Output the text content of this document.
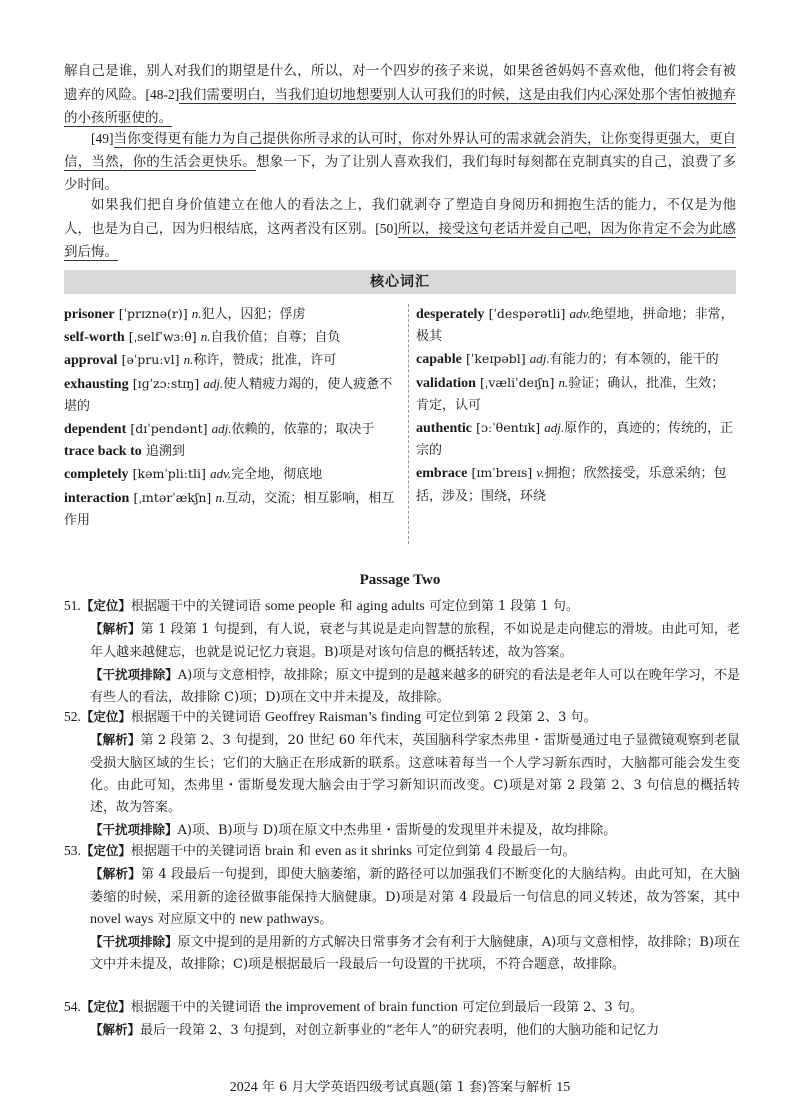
解自己是谁，别人对我们的期望是什么，所以，对一个四岁的孩子来说，如果爸爸妈妈不喜欢他，他们将会有被遗弃的风险。[48-2]我们需要明白，当我们迫切地想要别人认可我们的时候，这是由我们内心深处那个害怕被抛弃的小孩所驱使的。

[49]当你变得更有能力为自己提供你所寻求的认可时，你对外界认可的需求就会消失，让你变得更强大，更自信，当然，你的生活会更快乐。想象一下，为了让别人喜欢我们，我们每时每刻都在克制真实的自己，浪费了多少时间。

如果我们把自身价值建立在他人的看法之上，我们就剥夺了塑造自身阅历和拥抱生活的能力，不仅是为他人，也是为自己，因为归根结底，这两者没有区别。[50]所以，接受这句老话并爱自己吧，因为你肯定不会为此感到后悔。

核心词汇

prisoner [ˈprɪznə(r)] n.犯人，囚犯；俘虏

self-worth [ˌselfˈwɜːθ] n.自我价值；自尊；自负

approval [əˈpruːvl] n.称许，赞成；批准，许可

exhausting [ɪɡˈzɔːstɪŋ] adj.使人精疲力竭的，使人疲惫不堪的

dependent [dɪˈpendənt] adj.依赖的，依靠的；取决于

trace back to 追溯到

completely [kəmˈpliːtli] adv.完全地，彻底地

interaction [ˌɪntərˈækʃn] n.互动，交流；相互影响，相互作用

desperately [ˈdespərətli] adv.绝望地，拼命地；非常，极其

capable [ˈkeɪpəbl] adj.有能力的；有本领的，能干的

validation [ˌvæliˈdeɪʃn] n.验证；确认，批准，生效；肯定，认可

authentic [ɔːˈθentɪk] adj.原作的，真迹的；传统的，正宗的

embrace [ɪmˈbreɪs] v.拥抱；欣然接受，乐意采纳；包括，涉及；围绕，环绕

Passage Two

51.【定位】根据题干中的关键词语 some people 和 aging adults 可定位到第 1 段第 1 句。

【解析】第 1 段第 1 句提到，有人说，衰老与其说是走向智慧的旅程，不如说是走向健忘的滑坡。由此可知，老年人越来越健忘，也就是说记忆力衰退。B)项是对该句信息的概括转述，故为答案。

【干扰项排除】A)项与文意相悖，故排除；原文中提到的是越来越多的研究的看法是老年人可以在晚年学习，不是有些人的看法，故排除 C)项；D)项在文中并未提及，故排除。

52.【定位】根据题干中的关键词语 Geoffrey Raisman’s finding 可定位到第 2 段第 2、3 句。

【解析】第 2 段第 2、3 句提到，20 世纪 60 年代末，英国脑科学家杰弗里・雷斯曼通过电子显微镜观察到老鼠受损大脑区域的生长；它们的大脑正在形成新的联系。这意味着每当一个人学习新东西时，大脑都可能会发生变化。由此可知，杰弗里・雷斯曼发现大脑会由于学习新知识而改变。C)项是对第 2 段第 2、3 句信息的概括转述，故为答案。

【干扰项排除】A)项、B)项与 D)项在原文中杰弗里・雷斯曼的发现里并未提及，故均排除。

53.【定位】根据题干中的关键词语 brain 和 even as it shrinks 可定位到第 4 段最后一句。

【解析】第 4 段最后一句提到，即使大脑萎缩，新的路径可以加强我们不断变化的大脑结构。由此可知，在大脑萎缩的时候，采用新的途径做事能保持大脑健康。D)项是对第 4 段最后一句信息的同义转述，故为答案，其中 novel ways 对应原文中的 new pathways。

【干扰项排除】原文中提到的是用新的方式解决日常事务才会有利于大脑健康，A)项与文意相悖，故排除；B)项在文中并未提及，故排除；C)项是根据最后一段最后一句设置的干扰项，不符合题意，故排除。

54.【定位】根据题干中的关键词语 the improvement of brain function 可定位到最后一段第 2、3 句。

【解析】最后一段第 2、3 句提到，对创立新事业的“老年人”的研究表明，他们的大脑功能和记忆力

2024 年 6 月大学英语四级考试真题(第 1 套)答案与解析 15
